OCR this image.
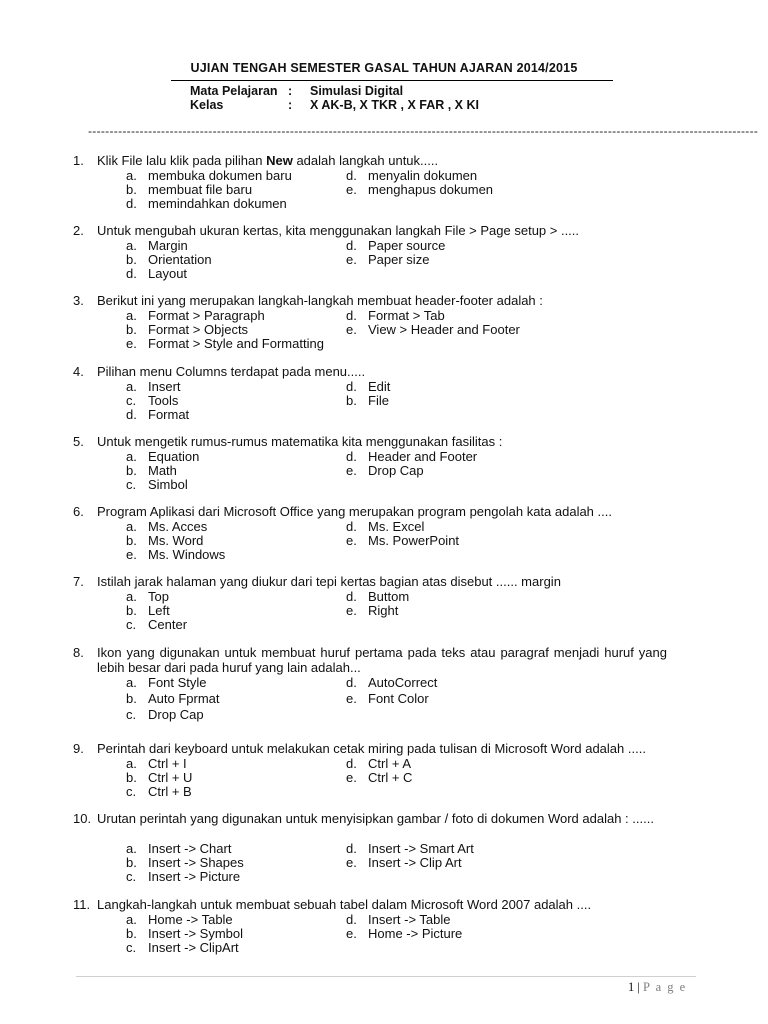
UJIAN TENGAH SEMESTER GASAL TAHUN AJARAN 2014/2015
Mata Pelajaran : Simulasi Digital
Kelas	: X AK-B, X TKR , X FAR , X KI
------------------------------------------------------------------------------------------------------------------------------------------------------------
1. Klik File lalu klik pada pilihan New adalah langkah untuk.....
a. membuka dokumen baru	d. menyalin dokumen
b. membuat file baru	e. menghapus dokumen
d. memindahkan dokumen
2. Untuk mengubah ukuran kertas, kita menggunakan langkah File > Page setup > .....
a. Margin	d. Paper source
b. Orientation	e. Paper size
d. Layout
3. Berikut ini yang merupakan langkah-langkah membuat header-footer adalah :
a. Format > Paragraph	d. Format > Tab
b. Format > Objects	e. View > Header and Footer
e. Format > Style and Formatting
4. Pilihan menu Columns terdapat pada menu.....
a. Insert	d. Edit
c. Tools	b. File
d. Format
5. Untuk mengetik rumus-rumus matematika kita menggunakan fasilitas :
a. Equation	d. Header and Footer
b. Math	e. Drop Cap
c. Simbol
6. Program Aplikasi dari Microsoft Office yang merupakan program pengolah kata adalah ....
a. Ms. Acces	d. Ms. Excel
b. Ms. Word	e. Ms. PowerPoint
e. Ms. Windows
7. Istilah jarak halaman yang diukur dari tepi kertas bagian atas disebut ...... margin
a. Top	d. Buttom
b. Left	e. Right
c. Center
8. Ikon yang digunakan untuk membuat huruf pertama pada teks atau paragraf menjadi huruf yang lebih besar dari pada huruf yang lain adalah...
a. Font Style	d. AutoCorrect
b. Auto Fprmat	e. Font Color
c. Drop Cap
9. Perintah dari keyboard untuk melakukan cetak miring pada tulisan di Microsoft Word adalah .....
a. Ctrl + I	d. Ctrl + A
b. Ctrl + U	e. Ctrl + C
c. Ctrl + B
10. Urutan perintah yang digunakan untuk menyisipkan gambar / foto di dokumen Word adalah : ......
a. Insert -> Chart	d. Insert -> Smart Art
b. Insert -> Shapes	e. Insert -> Clip Art
c. Insert -> Picture
11. Langkah-langkah untuk membuat sebuah tabel dalam Microsoft Word 2007 adalah ....
a. Home -> Table	d. Insert -> Table
b. Insert -> Symbol	e. Home -> Picture
c. Insert -> ClipArt
1 | P a g e
